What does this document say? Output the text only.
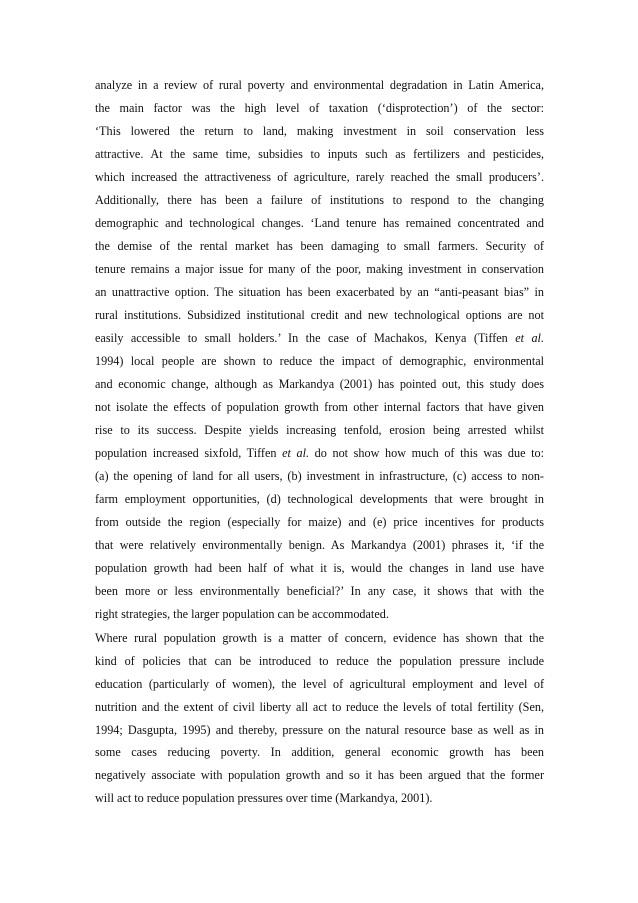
analyze in a review of rural poverty and environmental degradation in Latin America,
the main factor was the high level of taxation (‘disprotection’) of the sector:
‘This lowered the return to land, making investment in soil conservation less
attractive. At the same time, subsidies to inputs such as fertilizers and pesticides,
which increased the attractiveness of agriculture, rarely reached the small producers’.
Additionally, there has been a failure of institutions to respond to the changing
demographic and technological changes. ‘Land tenure has remained concentrated and
the demise of the rental market has been damaging to small farmers. Security of
tenure remains a major issue for many of the poor, making investment in conservation
an unattractive option. The situation has been exacerbated by an “anti-peasant bias” in
rural institutions. Subsidized institutional credit and new technological options are not
easily accessible to small holders.’ In the case of Machakos, Kenya (Tiffen et al.
1994) local people are shown to reduce the impact of demographic, environmental
and economic change, although as Markandya (2001) has pointed out, this study does
not isolate the effects of population growth from other internal factors that have given
rise to its success. Despite yields increasing tenfold, erosion being arrested whilst
population increased sixfold, Tiffen et al. do not show how much of this was due to:
(a) the opening of land for all users, (b) investment in infrastructure, (c) access to non-
farm employment opportunities, (d) technological developments that were brought in
from outside the region (especially for maize) and (e) price incentives for products
that were relatively environmentally benign. As Markandya (2001) phrases it, ‘if the
population growth had been half of what it is, would the changes in land use have
been more or less environmentally beneficial?’ In any case, it shows that with the
right strategies, the larger population can be accommodated.
Where rural population growth is a matter of concern, evidence has shown that the
kind of policies that can be introduced to reduce the population pressure include
education (particularly of women), the level of agricultural employment and level of
nutrition and the extent of civil liberty all act to reduce the levels of total fertility (Sen,
1994; Dasgupta, 1995) and thereby, pressure on the natural resource base as well as in
some cases reducing poverty. In addition, general economic growth has been
negatively associate with population growth and so it has been argued that the former
will act to reduce population pressures over time (Markandya, 2001).
